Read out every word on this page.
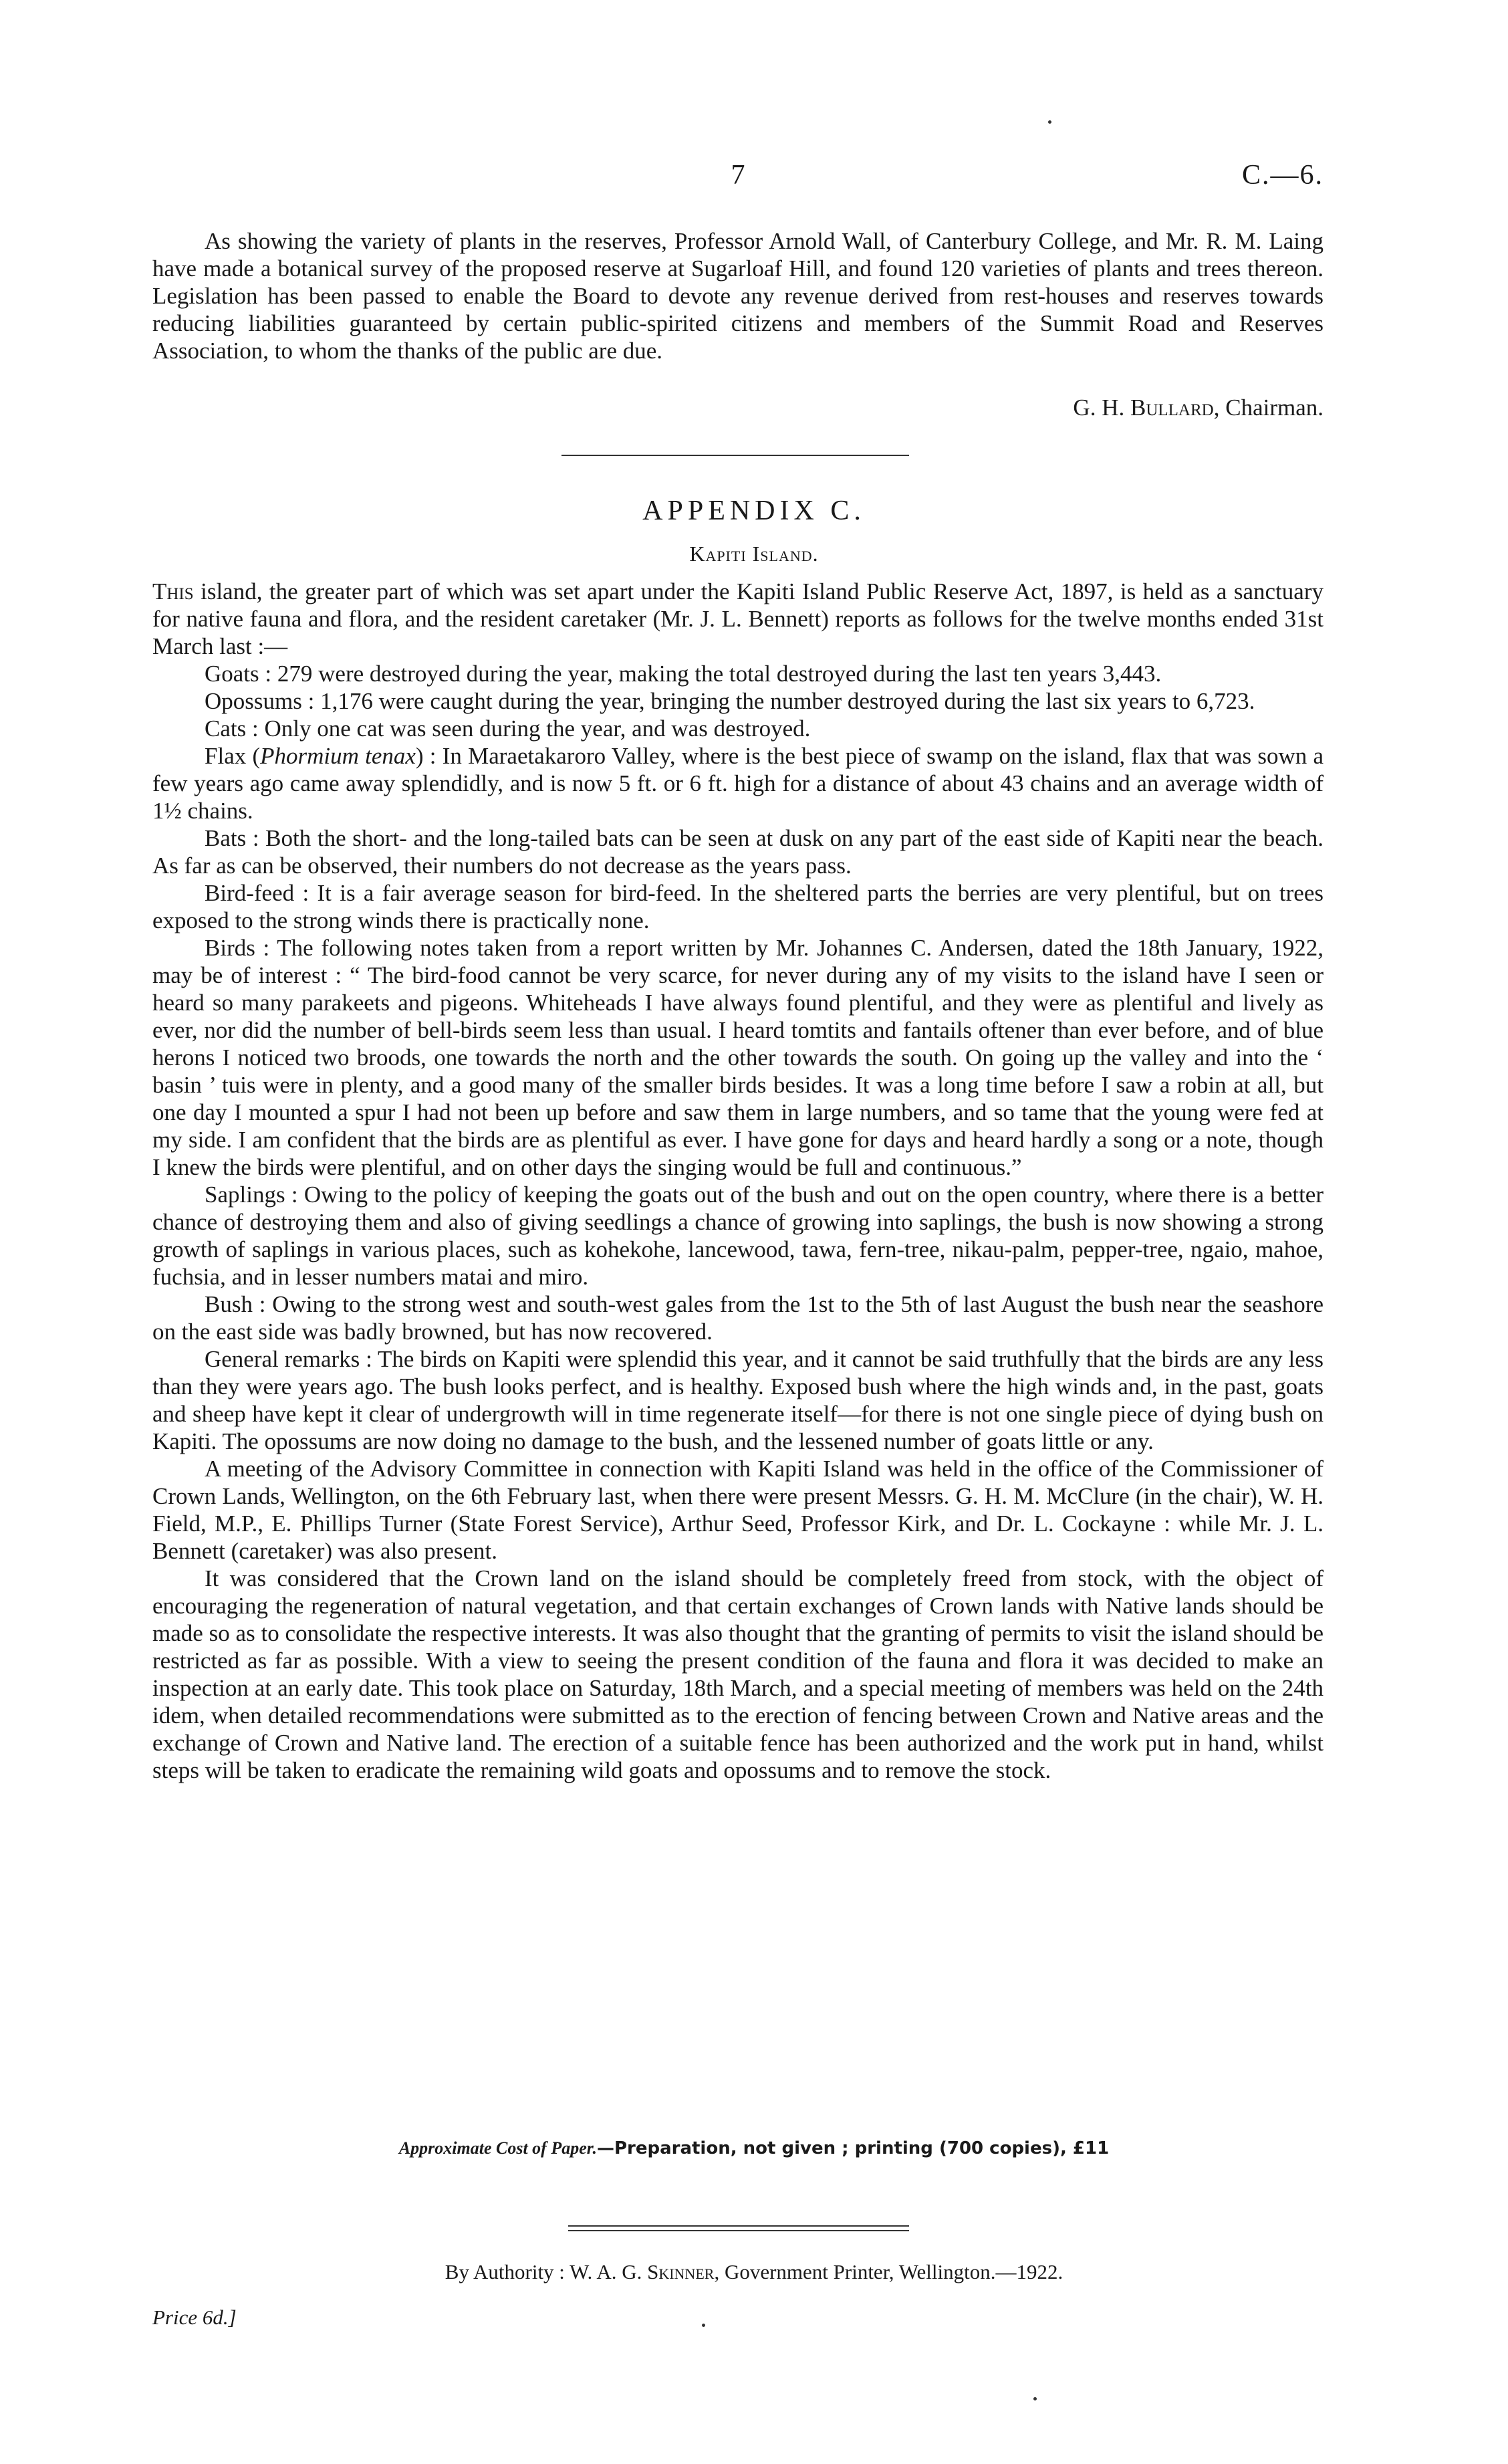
7	C.—6.

As showing the variety of plants in the reserves, Professor Arnold Wall, of Canterbury College, and Mr. R. M. Laing have made a botanical survey of the proposed reserve at Sugarloaf Hill, and found 120 varieties of plants and trees thereon. Legislation has been passed to enable the Board to devote any revenue derived from rest-houses and reserves towards reducing liabilities guaranteed by certain public-spirited citizens and members of the Summit Road and Reserves Association, to whom the thanks of the public are due.

G. H. Bullard, Chairman.
APPENDIX C.
Kapiti Island.

This island, the greater part of which was set apart under the Kapiti Island Public Reserve Act, 1897, is held as a sanctuary for native fauna and flora, and the resident caretaker (Mr. J. L. Bennett) reports as follows for the twelve months ended 31st March last :—

Goats : 279 were destroyed during the year, making the total destroyed during the last ten years 3,443.

Opossums : 1,176 were caught during the year, bringing the number destroyed during the last six years to 6,723.

Cats : Only one cat was seen during the year, and was destroyed.

Flax (Phormium tenax) : In Maraetakaroro Valley, where is the best piece of swamp on the island, flax that was sown a few years ago came away splendidly, and is now 5 ft. or 6 ft. high for a distance of about 43 chains and an average width of 1½ chains.

Bats : Both the short- and the long-tailed bats can be seen at dusk on any part of the east side of Kapiti near the beach. As far as can be observed, their numbers do not decrease as the years pass.

Bird-feed : It is a fair average season for bird-feed. In the sheltered parts the berries are very plentiful, but on trees exposed to the strong winds there is practically none.

Birds : The following notes taken from a report written by Mr. Johannes C. Andersen, dated the 18th January, 1922, may be of interest : “ The bird-food cannot be very scarce, for never during any of my visits to the island have I seen or heard so many parakeets and pigeons. Whiteheads I have always found plentiful, and they were as plentiful and lively as ever, nor did the number of bell-birds seem less than usual. I heard tomtits and fantails oftener than ever before, and of blue herons I noticed two broods, one towards the north and the other towards the south. On going up the valley and into the ‘ basin ’ tuis were in plenty, and a good many of the smaller birds besides. It was a long time before I saw a robin at all, but one day I mounted a spur I had not been up before and saw them in large numbers, and so tame that the young were fed at my side. I am confident that the birds are as plentiful as ever. I have gone for days and heard hardly a song or a note, though I knew the birds were plentiful, and on other days the singing would be full and continuous.”

Saplings : Owing to the policy of keeping the goats out of the bush and out on the open country, where there is a better chance of destroying them and also of giving seedlings a chance of growing into saplings, the bush is now showing a strong growth of saplings in various places, such as kohekohe, lancewood, tawa, fern-tree, nikau-palm, pepper-tree, ngaio, mahoe, fuchsia, and in lesser numbers matai and miro.

Bush : Owing to the strong west and south-west gales from the 1st to the 5th of last August the bush near the seashore on the east side was badly browned, but has now recovered.

General remarks : The birds on Kapiti were splendid this year, and it cannot be said truthfully that the birds are any less than they were years ago. The bush looks perfect, and is healthy. Exposed bush where the high winds and, in the past, goats and sheep have kept it clear of undergrowth will in time regenerate itself—for there is not one single piece of dying bush on Kapiti. The opossums are now doing no damage to the bush, and the lessened number of goats little or any.

A meeting of the Advisory Committee in connection with Kapiti Island was held in the office of the Commissioner of Crown Lands, Wellington, on the 6th February last, when there were present Messrs. G. H. M. McClure (in the chair), W. H. Field, M.P., E. Phillips Turner (State Forest Service), Arthur Seed, Professor Kirk, and Dr. L. Cockayne : while Mr. J. L. Bennett (caretaker) was also present.

It was considered that the Crown land on the island should be completely freed from stock, with the object of encouraging the regeneration of natural vegetation, and that certain exchanges of Crown lands with Native lands should be made so as to consolidate the respective interests. It was also thought that the granting of permits to visit the island should be restricted as far as possible. With a view to seeing the present condition of the fauna and flora it was decided to make an inspection at an early date. This took place on Saturday, 18th March, and a special meeting of members was held on the 24th idem, when detailed recommendations were submitted as to the erection of fencing between Crown and Native areas and the exchange of Crown and Native land. The erection of a suitable fence has been authorized and the work put in hand, whilst steps will be taken to eradicate the remaining wild goats and opossums and to remove the stock.

Approximate Cost of Paper.—Preparation, not given ; printing (700 copies), £11
By Authority : W. A. G. Skinner, Government Printer, Wellington.—1922.
Price 6d.]
